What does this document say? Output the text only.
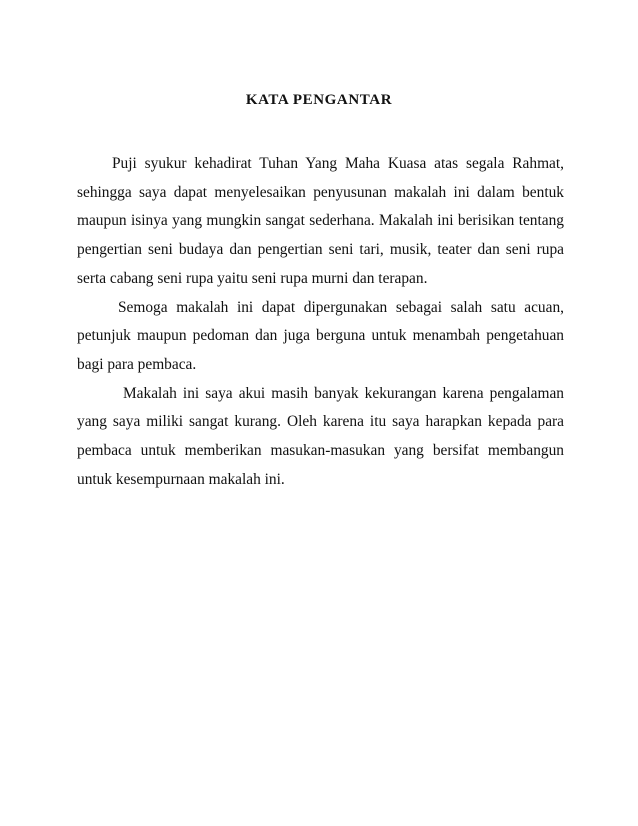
KATA PENGANTAR

Puji syukur kehadirat Tuhan Yang Maha Kuasa atas segala Rahmat, sehingga saya dapat menyelesaikan penyusunan makalah ini dalam bentuk maupun isinya yang mungkin sangat sederhana. Makalah ini berisikan tentang pengertian seni budaya dan pengertian seni tari, musik, teater dan seni rupa serta cabang seni rupa yaitu seni rupa murni dan terapan.

Semoga makalah ini dapat dipergunakan sebagai salah satu acuan, petunjuk maupun pedoman dan juga berguna untuk menambah pengetahuan bagi para pembaca.

Makalah ini saya akui masih banyak kekurangan karena pengalaman yang saya miliki sangat kurang. Oleh karena itu saya harapkan kepada para pembaca untuk memberikan masukan-masukan yang bersifat membangun untuk kesempurnaan makalah ini.
